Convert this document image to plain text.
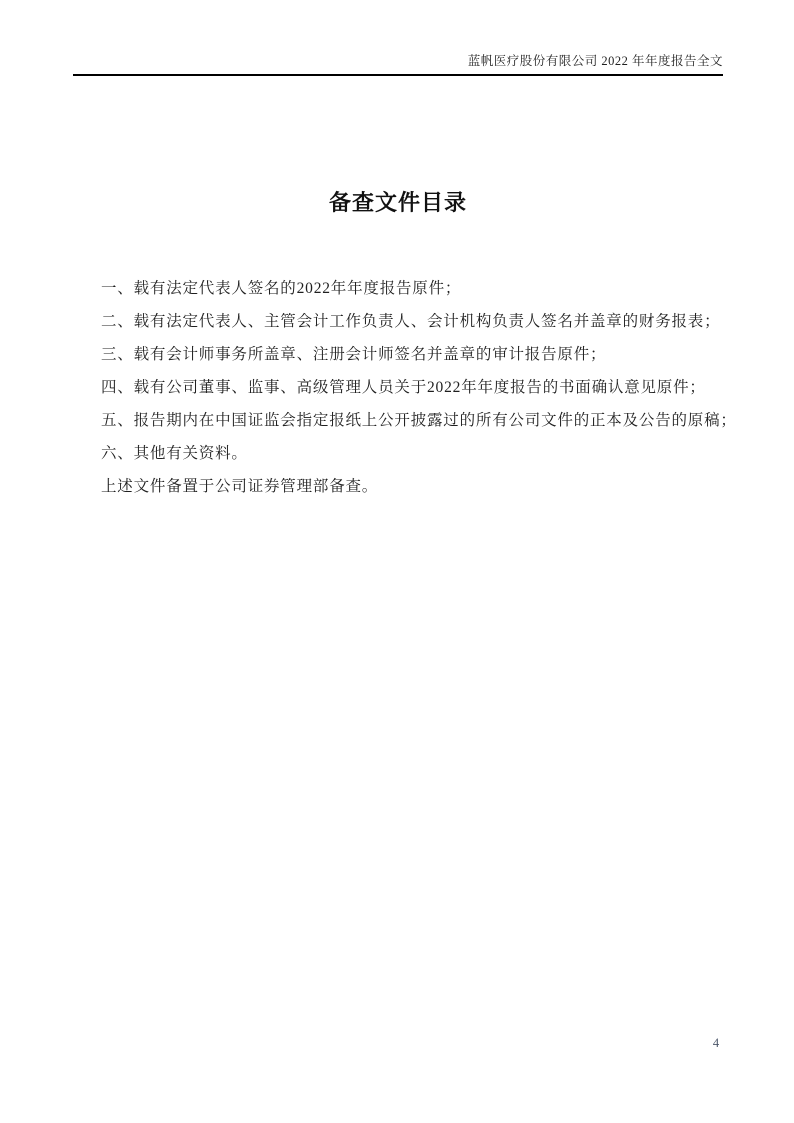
蓝帆医疗股份有限公司 2022 年年度报告全文
备查文件目录
一、载有法定代表人签名的2022年年度报告原件；
二、载有法定代表人、主管会计工作负责人、会计机构负责人签名并盖章的财务报表；
三、载有会计师事务所盖章、注册会计师签名并盖章的审计报告原件；
四、载有公司董事、监事、高级管理人员关于2022年年度报告的书面确认意见原件；
五、报告期内在中国证监会指定报纸上公开披露过的所有公司文件的正本及公告的原稿；
六、其他有关资料。
上述文件备置于公司证券管理部备查。
4
